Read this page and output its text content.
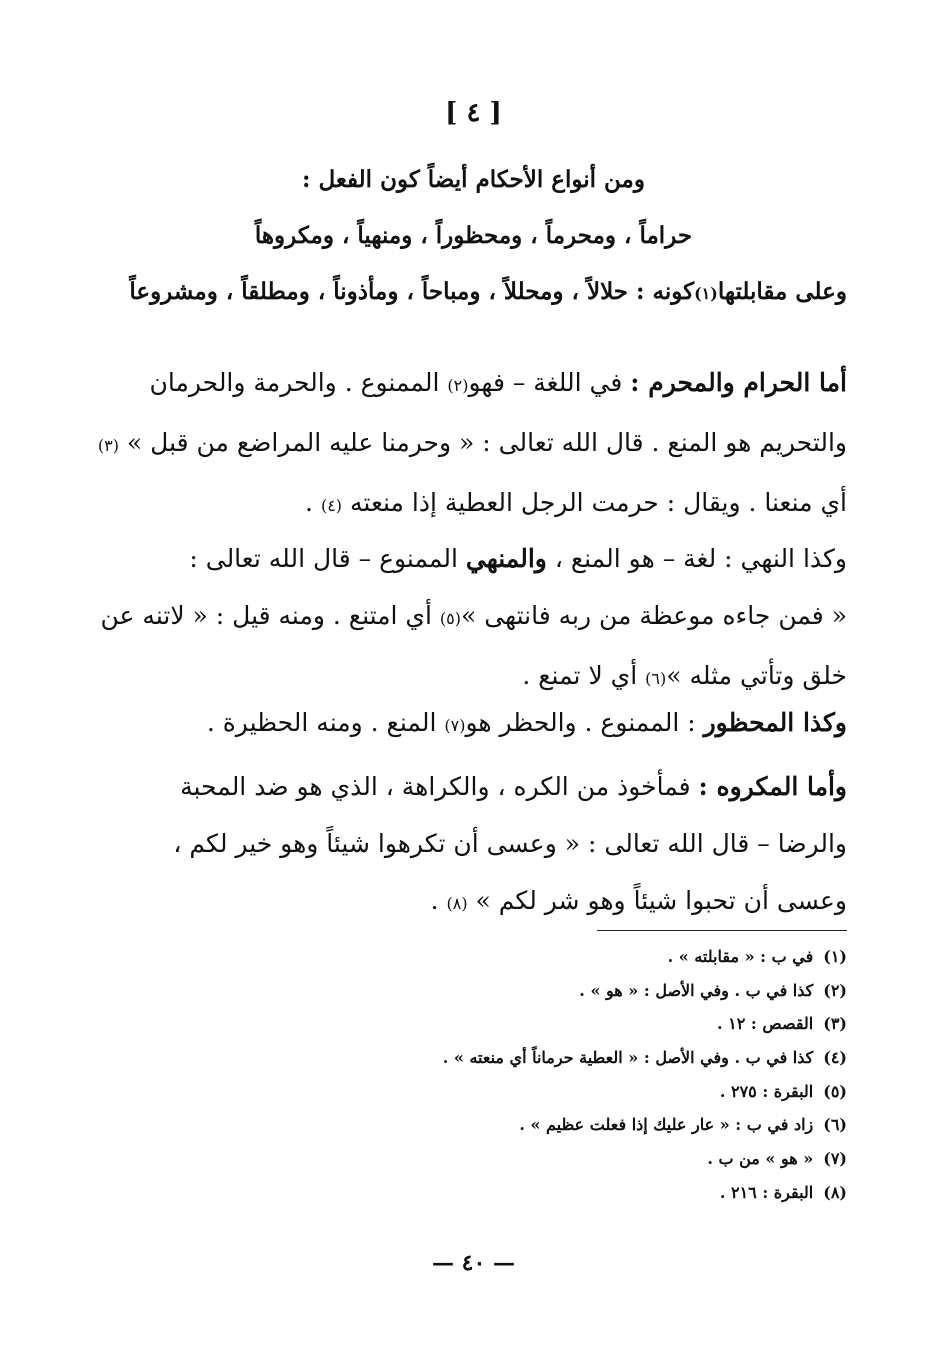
[ ٤ ]
ومن أنواع الأحكام أيضاً كون الفعل :
حراماً ، ومحرماً ، ومحظوراً ، ومنهياً ، ومكروهاً
وعلى مقابلتها(١)كونه : حلالاً ، ومحللاً ، ومباحاً ، ومأذوناً ، ومطلقاً ، ومشروعاً
أما الحرام والمحرم : في اللغة – فهو(٢) الممنوع . والحرمة والحرمان
والتحريم هو المنع . قال الله تعالى : « وحرمنا عليه المراضع من قبل » (٣)
أي منعنا . ويقال : حرمت الرجل العطية إذا منعته (٤) .
وكذا النهي : لغة – هو المنع ، والمنهي الممنوع – قال الله تعالى :
« فمن جاءه موعظة من ربه فانتهى »(٥) أي امتنع . ومنه قيل : « لاتنه عن
خلق وتأتي مثله »(٦) أي لا تمنع .
وكذا المحظور : الممنوع . والحظر هو(٧) المنع . ومنه الحظيرة .
وأما المكروه : فمأخوذ من الكره ، والكراهة ، الذي هو ضد المحبة
والرضا – قال الله تعالى : « وعسى أن تكرهوا شيئاً وهو خير لكم ،
وعسى أن تحبوا شيئاً وهو شر لكم » (٨) .
(١)في ب : « مقابلته » .
(٢)كذا في ب . وفي الأصل : « هو » .
(٣)القصص : ١٢ .
(٤)كذا في ب . وفي الأصل : « العطية حرماناً أي منعته » .
(٥)البقرة : ٢٧٥ .
(٦)زاد في ب : « عار عليك إذا فعلت عظيم » .
(٧)« هو » من ب .
(٨)البقرة : ٢١٦ .
— ٤٠ —
